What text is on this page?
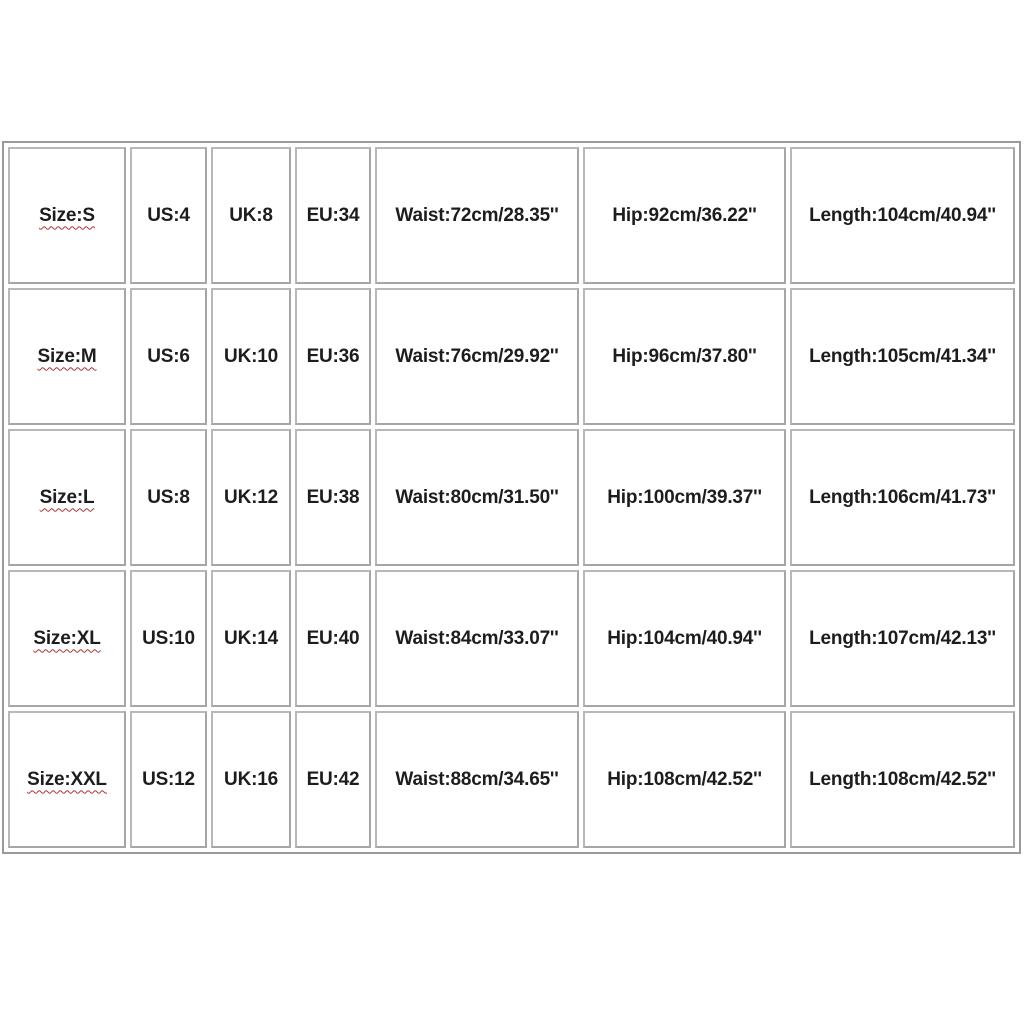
Size:S	US:4	UK:8	EU:34	Waist:72cm/28.35''	Hip:92cm/36.22''	Length:104cm/40.94''
Size:M	US:6	UK:10	EU:36	Waist:76cm/29.92''	Hip:96cm/37.80''	Length:105cm/41.34''
Size:L	US:8	UK:12	EU:38	Waist:80cm/31.50''	Hip:100cm/39.37''	Length:106cm/41.73''
Size:XL	US:10	UK:14	EU:40	Waist:84cm/33.07''	Hip:104cm/40.94''	Length:107cm/42.13''
Size:XXL	US:12	UK:16	EU:42	Waist:88cm/34.65''	Hip:108cm/42.52''	Length:108cm/42.52''
